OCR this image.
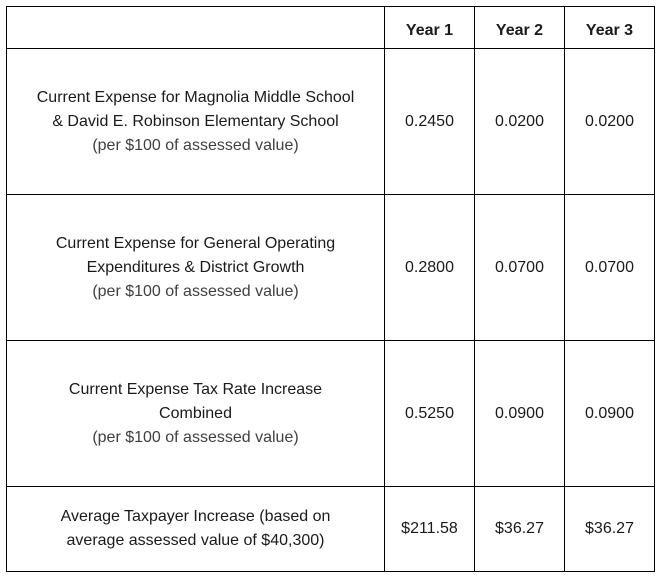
	Year 1	Year 2	Year 3

Current Expense for Magnolia Middle School
& David E. Robinson Elementary School
(per $100 of assessed value)	0.2450	0.0200	0.0200

Current Expense for General Operating
Expenditures & District Growth
(per $100 of assessed value)	0.2800	0.0700	0.0700

Current Expense Tax Rate Increase
Combined
(per $100 of assessed value)	0.5250	0.0900	0.0900

Average Taxpayer Increase (based on
average assessed value of $40,300)	$211.58	$36.27	$36.27
